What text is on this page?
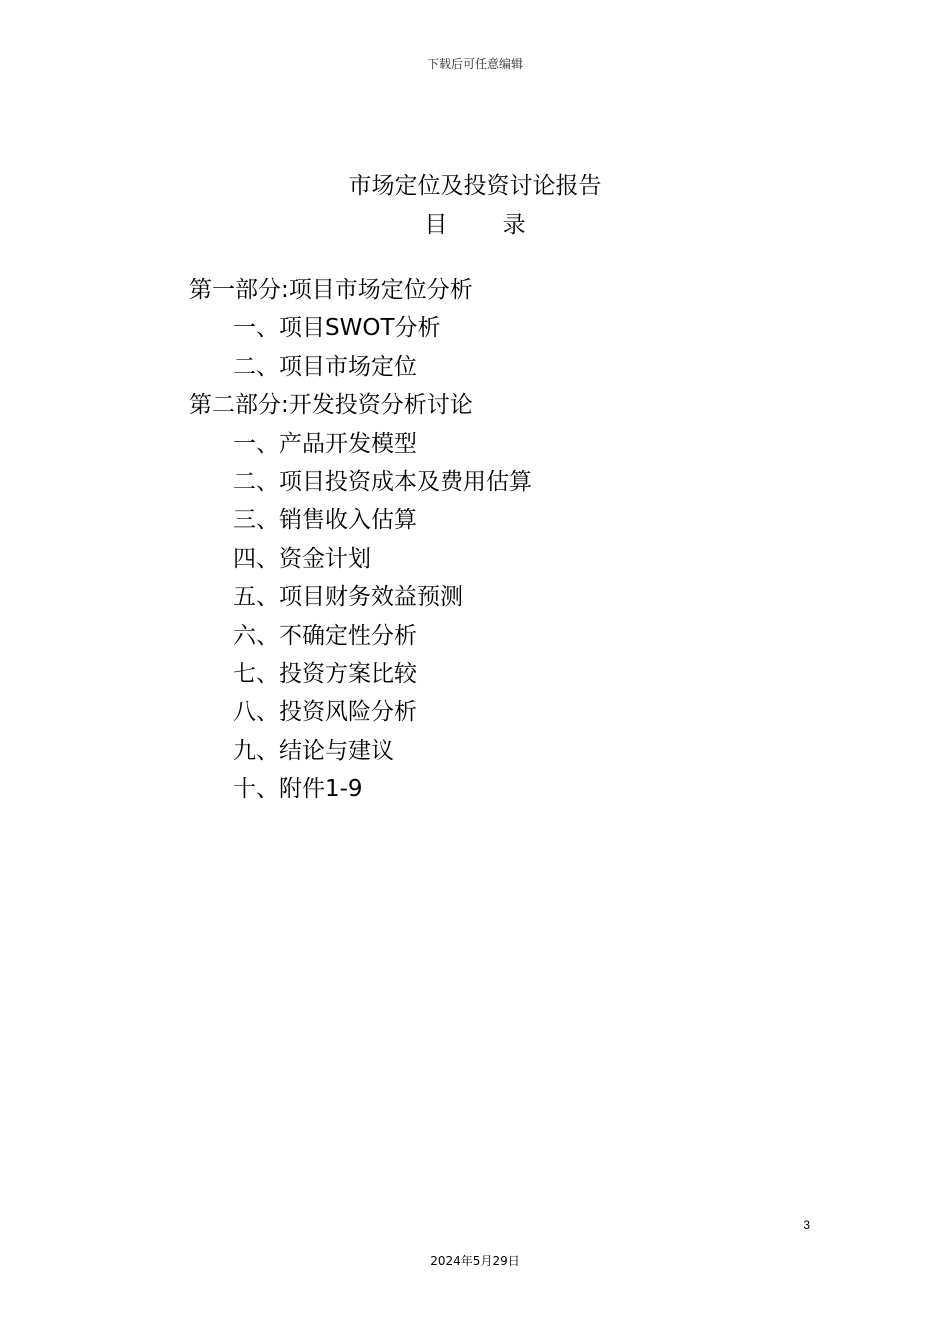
下载后可任意编辑
市场定位及投资讨论报告
目 录
第一部分:项目市场定位分析
一、项目SWOT分析
二、项目市场定位
第二部分:开发投资分析讨论
一、产品开发模型
二、项目投资成本及费用估算
三、销售收入估算
四、资金计划
五、项目财务效益预测
六、不确定性分析
七、投资方案比较
八、投资风险分析
九、结论与建议
十、附件1-9
3
2024年5月29日
